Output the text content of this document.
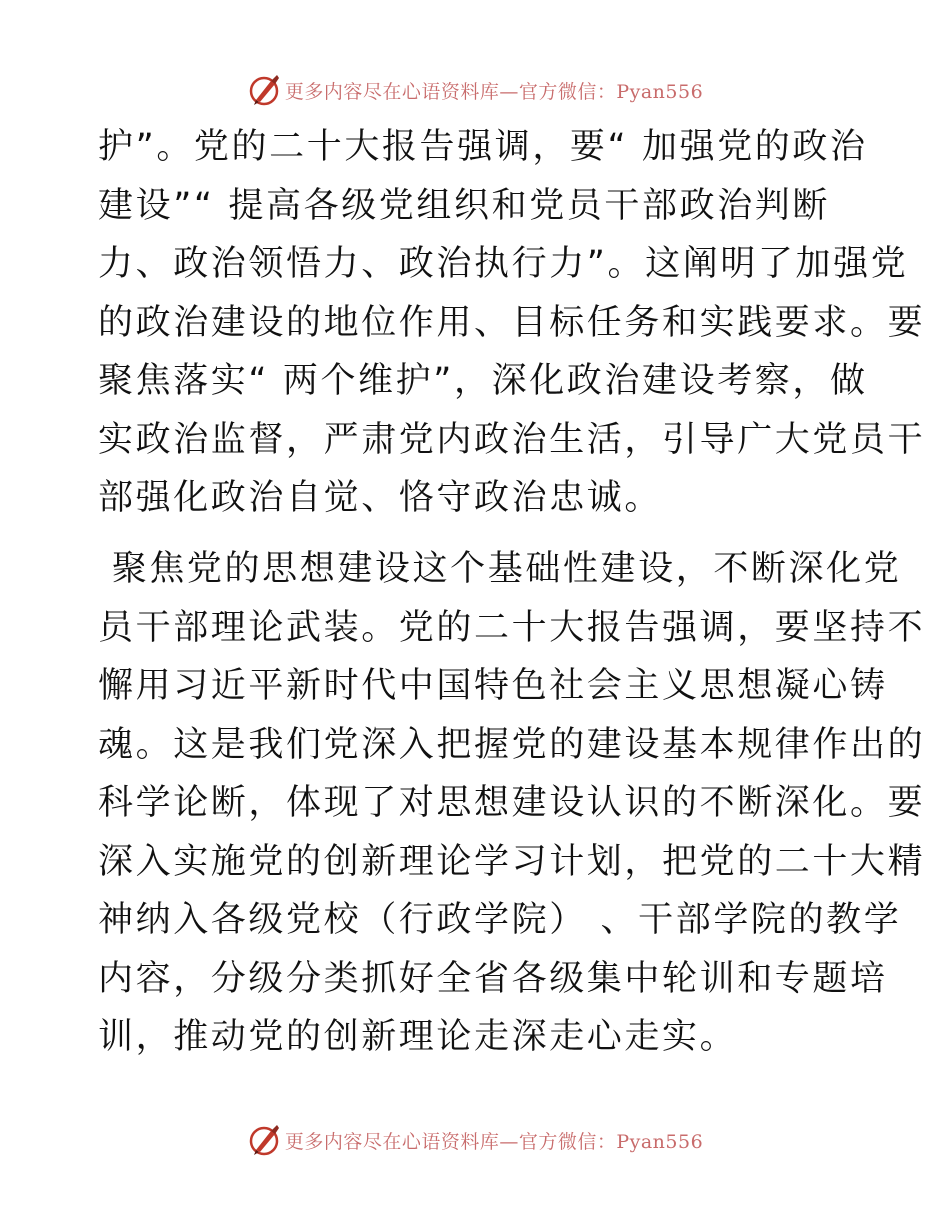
更多内容尽在心语资料库—官方微信：Pyan556
护”。党的二十大报告强调，要“ 加强党的政治
建设”“ 提高各级党组织和党员干部政治判断
力、政治领悟力、政治执行力”。这阐明了加强党
的政治建设的地位作用、目标任务和实践要求。要
聚焦落实“ 两个维护”，深化政治建设考察，做
实政治监督，严肃党内政治生活，引导广大党员干
部强化政治自觉、恪守政治忠诚。
聚焦党的思想建设这个基础性建设，不断深化党
员干部理论武装。党的二十大报告强调，要坚持不
懈用习近平新时代中国特色社会主义思想凝心铸
魂。这是我们党深入把握党的建设基本规律作出的
科学论断，体现了对思想建设认识的不断深化。要
深入实施党的创新理论学习计划，把党的二十大精
神纳入各级党校（行政学院） 、干部学院的教学
内容，分级分类抓好全省各级集中轮训和专题培
训，推动党的创新理论走深走心走实。
更多内容尽在心语资料库—官方微信：Pyan556
